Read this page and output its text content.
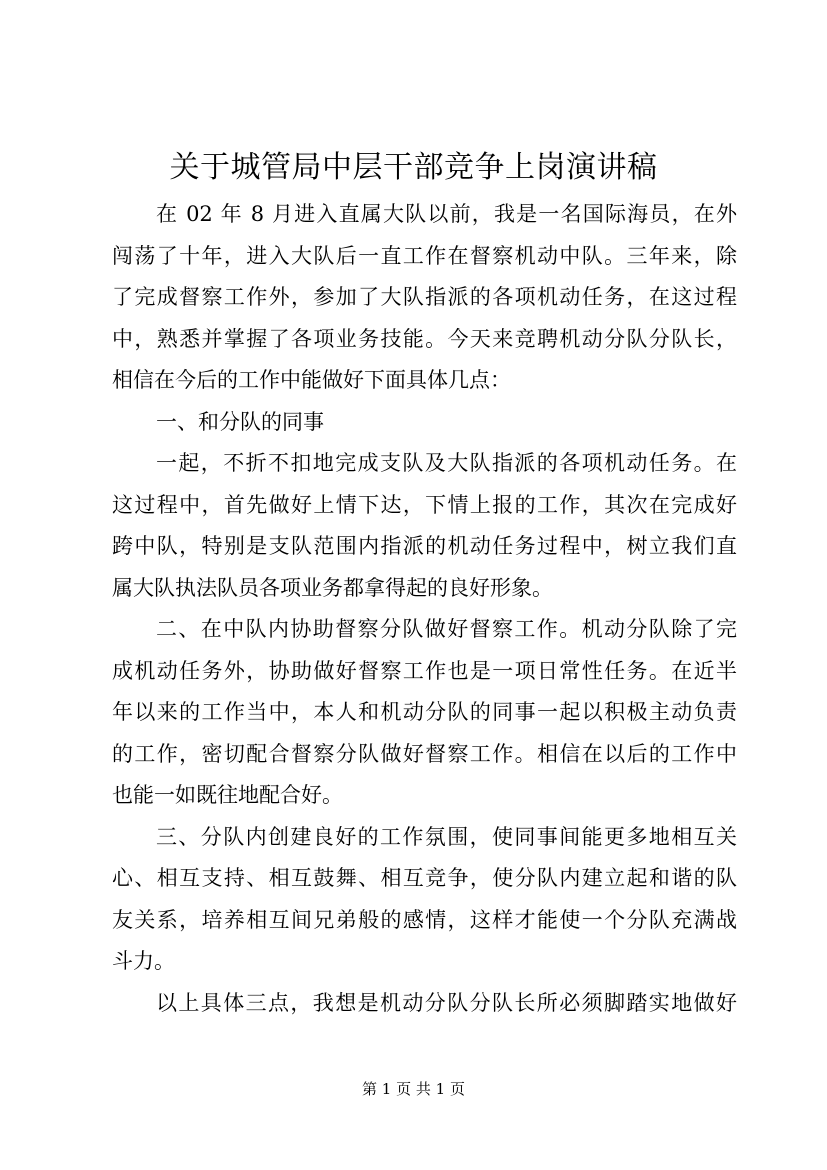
关于城管局中层干部竞争上岗演讲稿
在 02 年 8 月进入直属大队以前，我是一名国际海员，在外
闯荡了十年，进入大队后一直工作在督察机动中队。三年来，除
了完成督察工作外，参加了大队指派的各项机动任务，在这过程
中，熟悉并掌握了各项业务技能。今天来竞聘机动分队分队长，
相信在今后的工作中能做好下面具体几点：
一、和分队的同事
一起，不折不扣地完成支队及大队指派的各项机动任务。在
这过程中，首先做好上情下达，下情上报的工作，其次在完成好
跨中队，特别是支队范围内指派的机动任务过程中，树立我们直
属大队执法队员各项业务都拿得起的良好形象。
二、在中队内协助督察分队做好督察工作。机动分队除了完
成机动任务外，协助做好督察工作也是一项日常性任务。在近半
年以来的工作当中，本人和机动分队的同事一起以积极主动负责
的工作，密切配合督察分队做好督察工作。相信在以后的工作中
也能一如既往地配合好。
三、分队内创建良好的工作氛围，使同事间能更多地相互关
心、相互支持、相互鼓舞、相互竞争，使分队内建立起和谐的队
友关系，培养相互间兄弟般的感情，这样才能使一个分队充满战
斗力。
以上具体三点，我想是机动分队分队长所必须脚踏实地做好
第 1 页 共 1 页
